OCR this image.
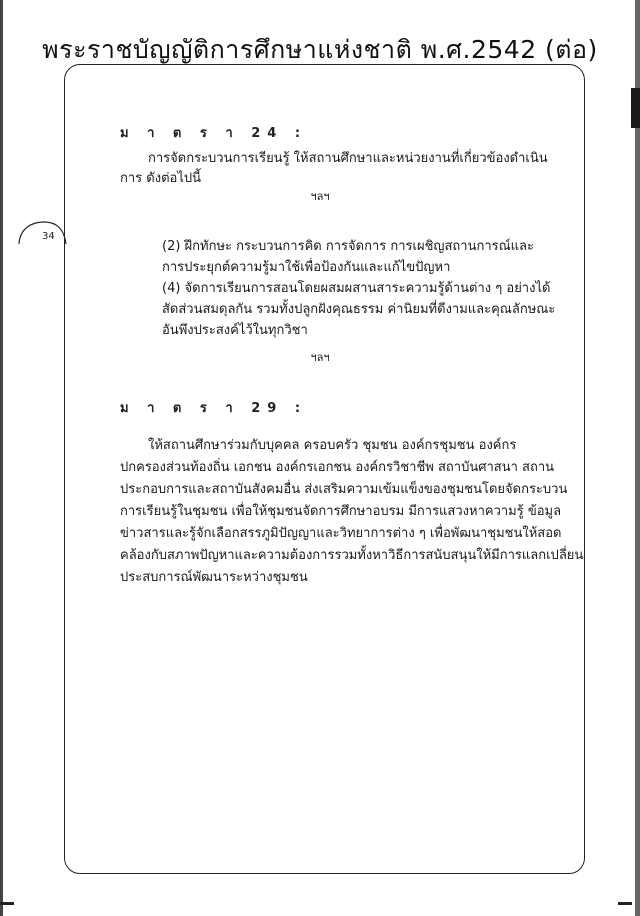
พระราชบัญญัติการศึกษาแห่งชาติ พ.ศ.2542 (ต่อ)
34
ม า ต ร า 24 :
การจัดกระบวนการเรียนรู้ ให้สถานศึกษาและหน่วยงานที่เกี่ยวข้องดำเนิน
การ ดังต่อไปนี้
ฯลฯ
(2) ฝึกทักษะ กระบวนการคิด การจัดการ การเผชิญสถานการณ์และ
การประยุกต์ความรู้มาใช้เพื่อป้องกันและแก้ไขปัญหา
(4) จัดการเรียนการสอนโดยผสมผสานสาระความรู้ด้านต่าง ๆ อย่างได้
สัดส่วนสมดุลกัน รวมทั้งปลูกฝังคุณธรรม ค่านิยมที่ดีงามและคุณลักษณะ
อันพึงประสงค์ไว้ในทุกวิชา
ฯลฯ
ม า ต ร า 29 :
ให้สถานศึกษาร่วมกับบุคคล ครอบครัว ชุมชน องค์กรชุมชน องค์กร
ปกครองส่วนท้องถิ่น เอกชน องค์กรเอกชน องค์กรวิชาชีพ สถาบันศาสนา สถาน
ประกอบการและสถาบันสังคมอื่น ส่งเสริมความเข้มแข็งของชุมชนโดยจัดกระบวน
การเรียนรู้ในชุมชน เพื่อให้ชุมชนจัดการศึกษาอบรม มีการแสวงหาความรู้ ข้อมูล
ข่าวสารและรู้จักเลือกสรรภูมิปัญญาและวิทยาการต่าง ๆ เพื่อพัฒนาชุมชนให้สอด
คล้องกับสภาพปัญหาและความต้องการรวมทั้งหาวิธีการสนับสนุนให้มีการแลกเปลี่ยน
ประสบการณ์พัฒนาระหว่างชุมชน
